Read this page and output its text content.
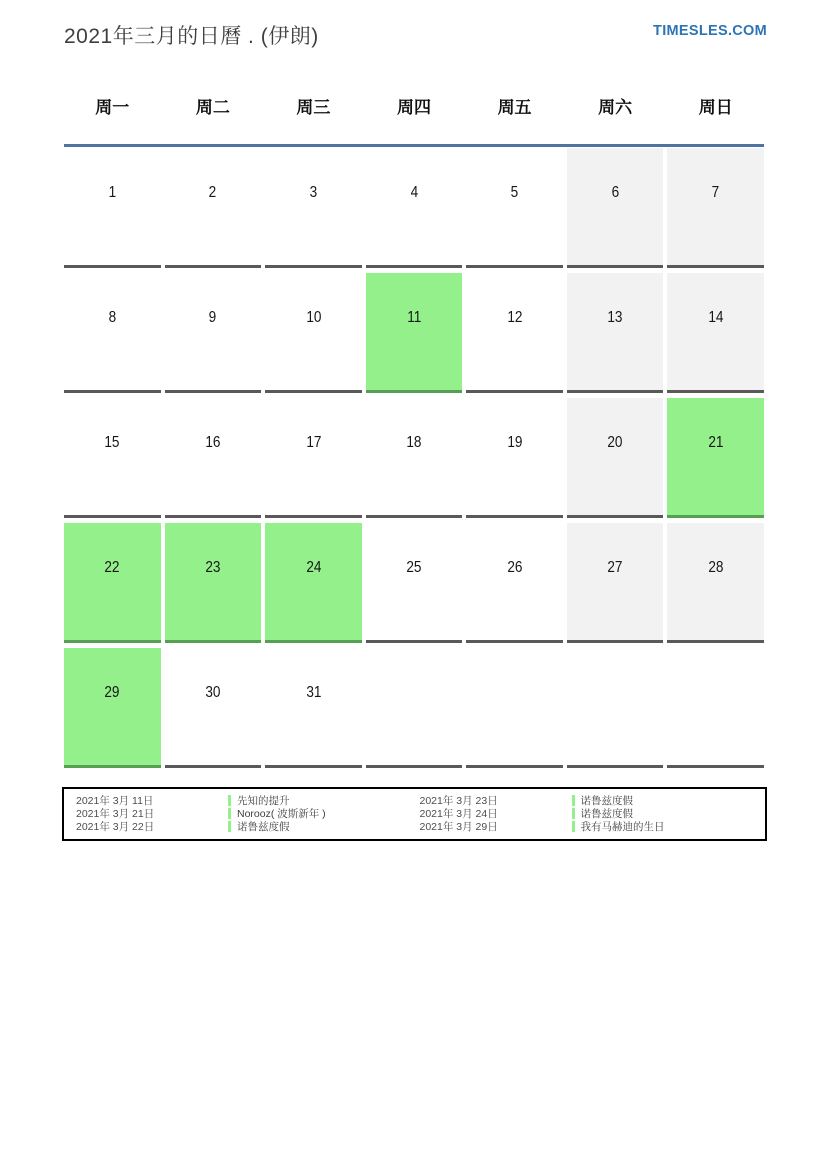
2021年三月的日曆 . (伊朗)	TIMESLES.COM
周一	周二	周三	周四	周五	周六	周日
1	2	3	4	5	6	7
8	9	10	11	12	13	14
15	16	17	18	19	20	21
22	23	24	25	26	27	28
29	30	31
2021年 3月 11日	先知的提升
2021年 3月 21日	Norooz( 波斯新年 )
2021年 3月 22日	诺鲁兹度假
2021年 3月 23日	诺鲁兹度假
2021年 3月 24日	诺鲁兹度假
2021年 3月 29日	我有马赫迪的生日
